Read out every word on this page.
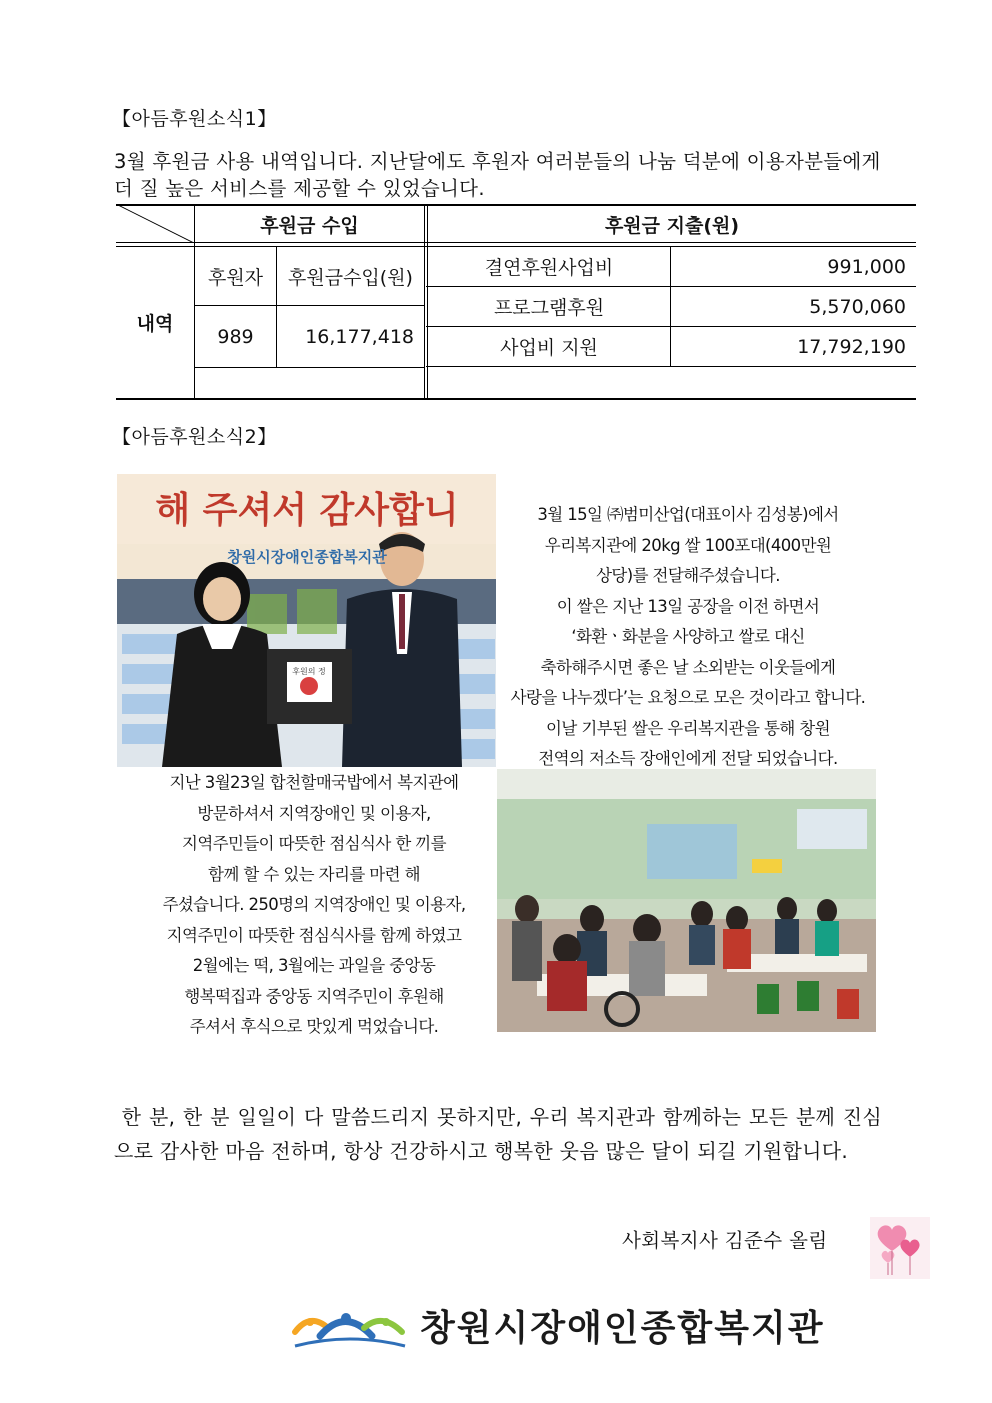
【아듬후원소식1】
3월 후원금 사용 내역입니다. 지난달에도 후원자 여러분들의 나눔 덕분에 이용자분들에게 더 질 높은 서비스를 제공할 수 있었습니다.
후원금 수입	후원금 지출(원)
내역
후원자	후원금수입(원)
989	16,177,418
결연후원사업비	991,000
프로그램후원	5,570,060
사업비 지원	17,792,190
【아듬후원소식2】
후원의 정
해 주셔서 감사합니
창원시장애인종합복지관
3월 15일 ㈜범미산업(대표이사 김성봉)에서
우리복지관에 20kg 쌀 100포대(400만원
상당)를 전달해주셨습니다.
이 쌀은 지난 13일 공장을 이전 하면서
‘화환ㆍ화분을 사양하고 쌀로 대신
축하해주시면 좋은 날 소외받는 이웃들에게
사랑을 나누겠다’는 요청으로 모은 것이라고 합니다.
이날 기부된 쌀은 우리복지관을 통해 창원
전역의 저소득 장애인에게 전달 되었습니다.
지난 3월23일 합천할매국밥에서 복지관에
방문하셔서 지역장애인 및 이용자,
지역주민들이 따뜻한 점심식사 한 끼를
함께 할 수 있는 자리를 마련 해
주셨습니다. 250명의 지역장애인 및 이용자,
지역주민이 따뜻한 점심식사를 함께 하였고
2월에는 떡, 3월에는 과일을 중앙동
행복떡집과 중앙동 지역주민이 후원해
주셔서 후식으로 맛있게 먹었습니다.
한 분, 한 분 일일이 다 말씀드리지 못하지만, 우리 복지관과 함께하는 모든 분께 진심으로 감사한 마음 전하며, 항상 건강하시고 행복한 웃음 많은 달이 되길 기원합니다.
사회복지사 김준수 올림
창원시장애인종합복지관
